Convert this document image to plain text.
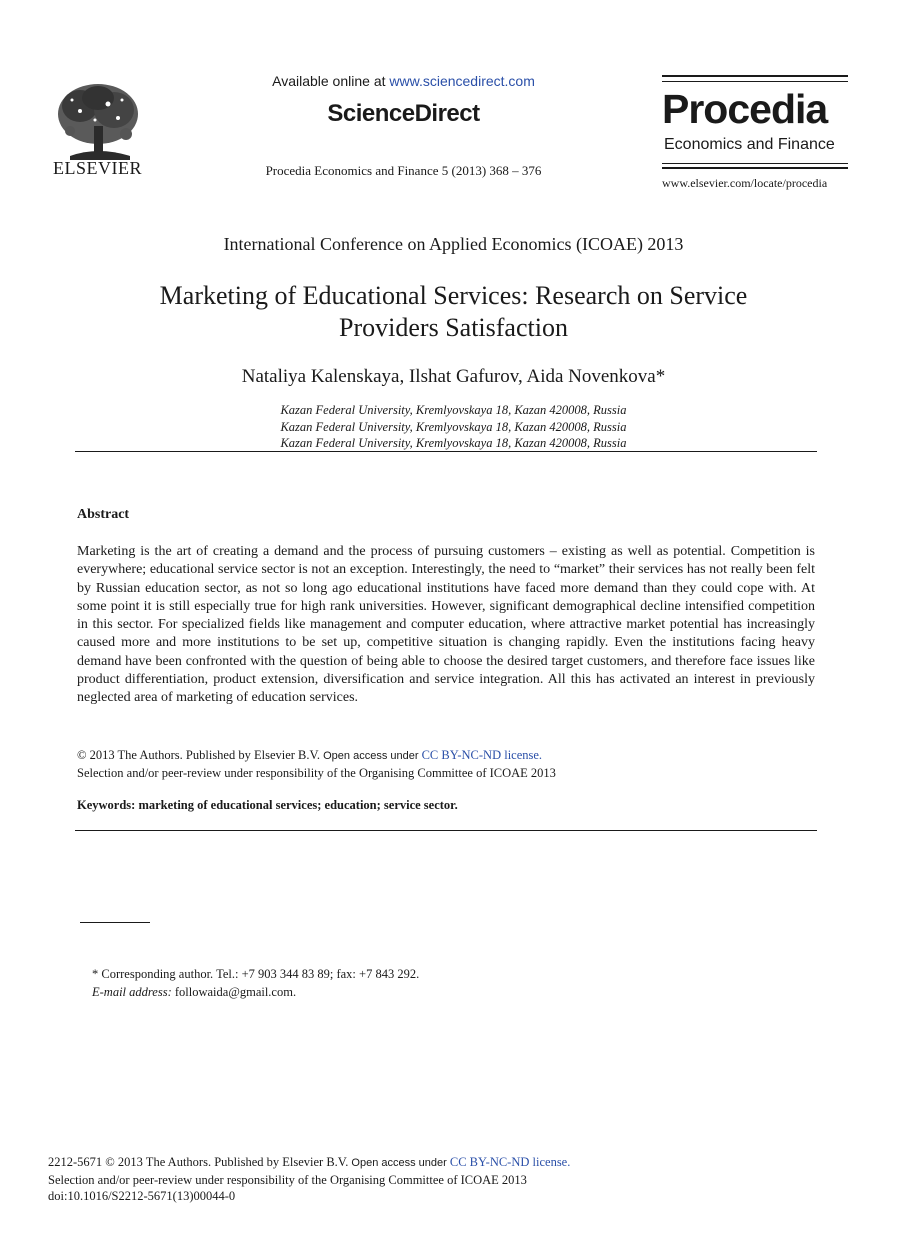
ELSEVIER
Available online at www.sciencedirect.com
ScienceDirect
Procedia Economics and Finance 5 (2013) 368 – 376
Procedia
Economics and Finance
www.elsevier.com/locate/procedia
International Conference on Applied Economics (ICOAE) 2013
Marketing of Educational Services: Research on Service
Providers Satisfaction
Nataliya Kalenskaya, Ilshat Gafurov, Aida Novenkova*
Kazan Federal University, Kremlyovskaya 18, Kazan 420008, Russia
Kazan Federal University, Kremlyovskaya 18, Kazan 420008, Russia
Kazan Federal University, Kremlyovskaya 18, Kazan 420008, Russia
Abstract
Marketing is the art of creating a demand and the process of pursuing customers – existing as well as potential. Competition is everywhere; educational service sector is not an exception. Interestingly, the need to “market” their services has not really been felt by Russian education sector, as not so long ago educational institutions have faced more demand than they could cope with. At some point it is still especially true for high rank universities. However, significant demographical decline intensified competition in this sector. For specialized fields like management and computer education, where attractive market potential has increasingly caused more and more institutions to be set up, competitive situation is changing rapidly. Even the institutions facing heavy demand have been confronted with the question of being able to choose the desired target customers, and therefore face issues like product differentiation, product extension, diversification and service integration. All this has activated an interest in previously neglected area of marketing of education services.
© 2013 The Authors. Published by Elsevier B.V. Open access under CC BY-NC-ND license.
Selection and/or peer-review under responsibility of the Organising Committee of ICOAE 2013
Keywords: marketing of educational services; education; service sector.
* Corresponding author. Tel.: +7 903 344 83 89; fax: +7 843 292.
E-mail address: followaida@gmail.com.
2212-5671 © 2013 The Authors. Published by Elsevier B.V. Open access under CC BY-NC-ND license.
Selection and/or peer-review under responsibility of the Organising Committee of ICOAE 2013
doi:10.1016/S2212-5671(13)00044-0
